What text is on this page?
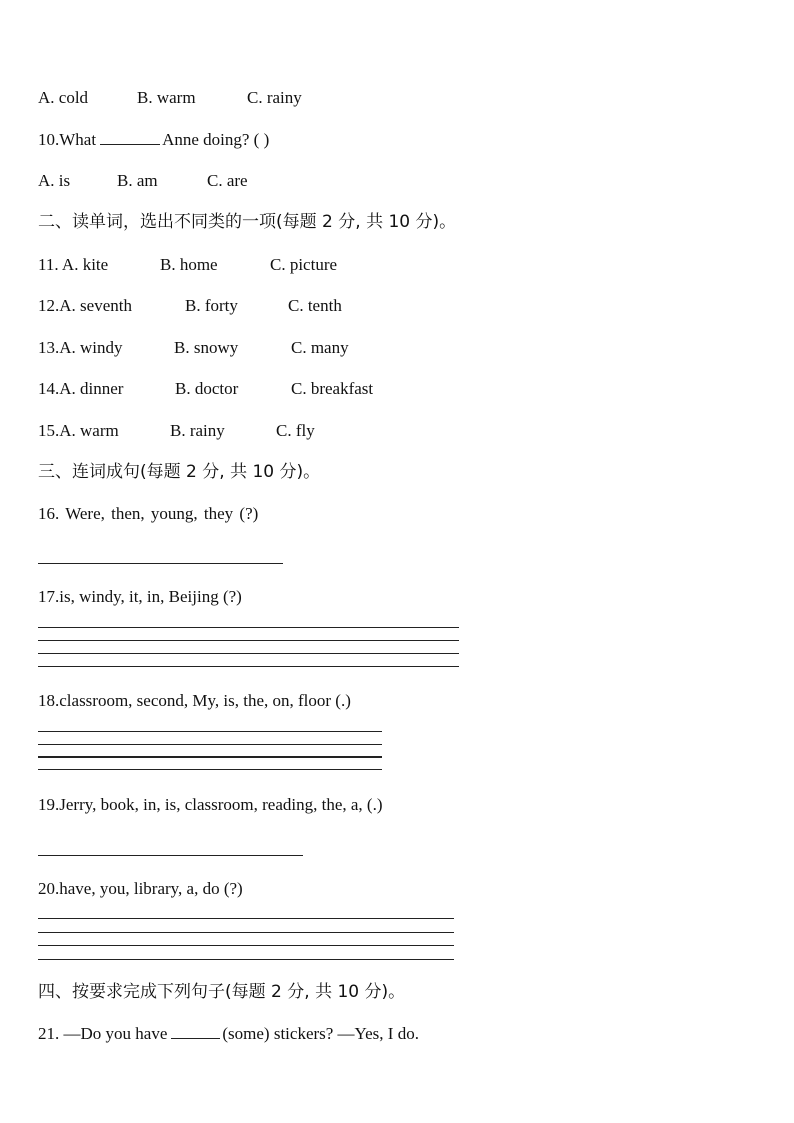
A. cold	B. warm	C. rainy
10.What	Anne doing? ( )
A. is	B. am	C. are
二、读单词，选出不同类的一项(每题 2 分, 共 10 分)。
11. A. kite	B. home	C. picture
12.A. seventh	B. forty	C. tenth
13.A. windy	B. snowy	C. many
14.A. dinner	B. doctor	C. breakfast
15.A. warm	B. rainy	C. fly
三、连词成句(每题 2 分, 共 10 分)。
16. Were, then, young, they (?)
17.is, windy, it, in, Beijing (?)
18.classroom, second, My, is, the, on, floor (.)
19.Jerry, book, in, is, classroom, reading, the, a, (.)
20.have, you, library, a, do (?)
四、按要求完成下列句子(每题 2 分, 共 10 分)。
21. —Do you have	(some) stickers? —Yes, I do.
